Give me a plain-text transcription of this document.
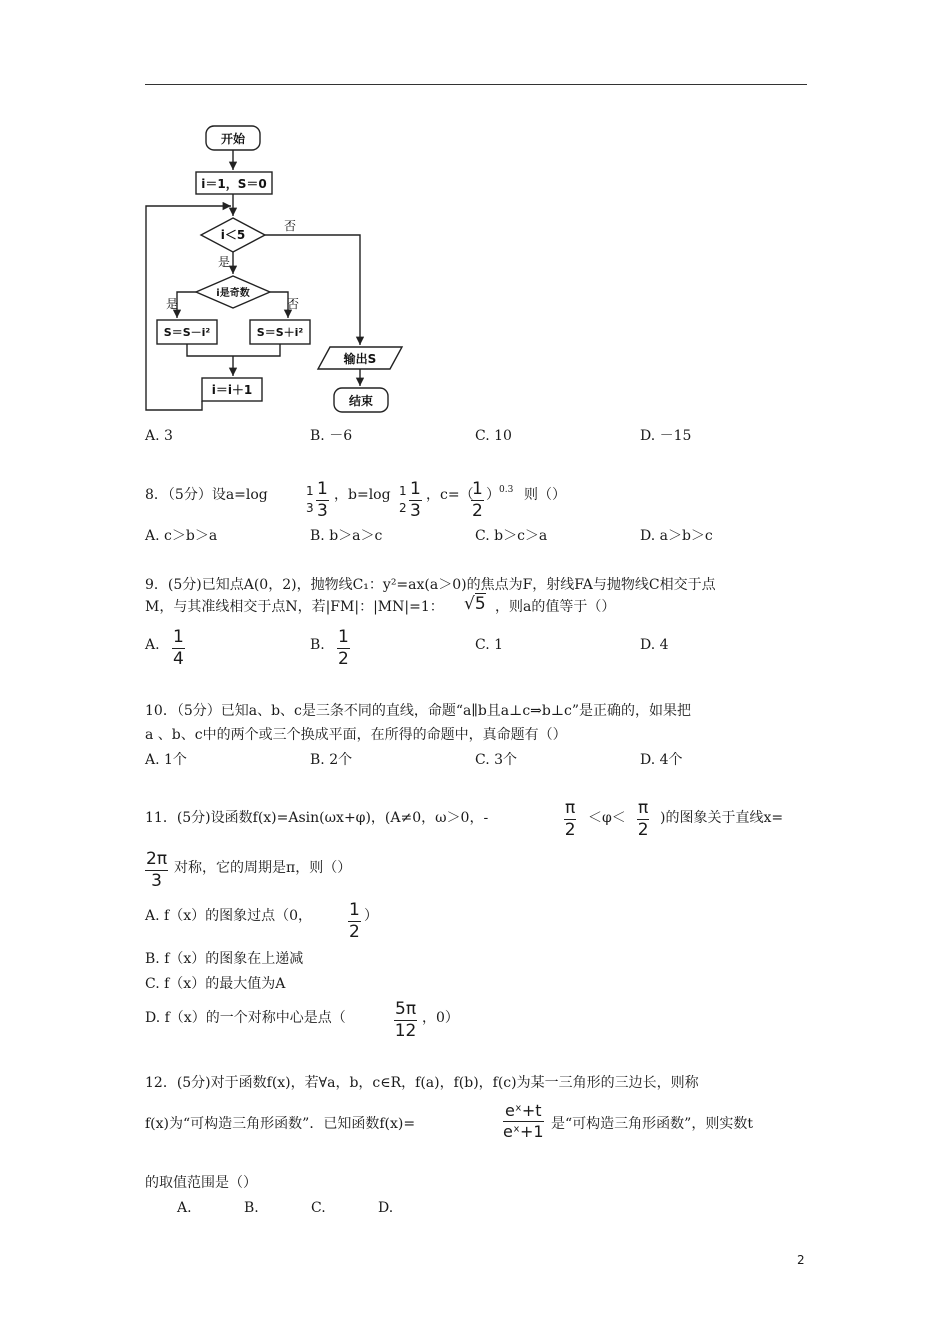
开始
i＝1，S＝0
i＜5
否
是
i是奇数
是	否
S＝S－i²	S＝S＋i²
i＝i＋1
输出S
结束
A. 3	B. －6	C. 10	D. －15
8．（5分）设a=log	1
$3 \frac{1}{3}$ ，b=log 1
$2 \frac{1}{3}$ ，c=（
$\frac{1}{2}$ ） 0.3 则（）
A. c＞b＞a	B. b＞a＞c	C. b＞c＞a	D. a＞b＞c
9．(5分)已知点A(0，2)，抛物线C₁：y²=ax(a＞0)的焦点为F，射线FA与抛物线C相交于点
M，与其准线相交于点N，若|FM|：|MN|=1： √5 ，则a的值等于（）
A. $\frac{1}{4}$	B. $\frac{1}{2}$	C. 1	D. 4
10．（5分）已知a、b、c是三条不同的直线，命题“a∥b且a⊥c⇒b⊥c”是正确的，如果把
a 、b、c中的两个或三个换成平面，在所得的命题中，真命题有（）
A. 1个	B. 2个	C. 3个	D. 4个
11．(5分)设函数f(x)=Asin(ωx+φ)，(A≠0，ω＞0，-	$\frac{\pi}{2} <\varphi< \frac{\pi}{2}$ )的图象关于直线x=
$\frac{2\pi}{3}$ 对称，它的周期是π，则（）
A. f（x）的图象过点（0， $\frac{1}{2}$ ）
B. f（x）的图象在上递减
C. f（x）的最大值为A
D. f（x）的一个对称中心是点（	$\frac{5\pi}{12}$ ，0）
12．(5分)对于函数f(x)，若∀a，b，c∈R，f(a)，f(b)，f(c)为某一三角形的三边长，则称
f(x)为“可构造三角形函数”．已知函数f(x)=	$\frac{\text{eˣ+t}}{\text{eˣ+1}}$ 是“可构造三角形函数”，则实数t
的取值范围是（）
A.	B.	C.	D.
2
